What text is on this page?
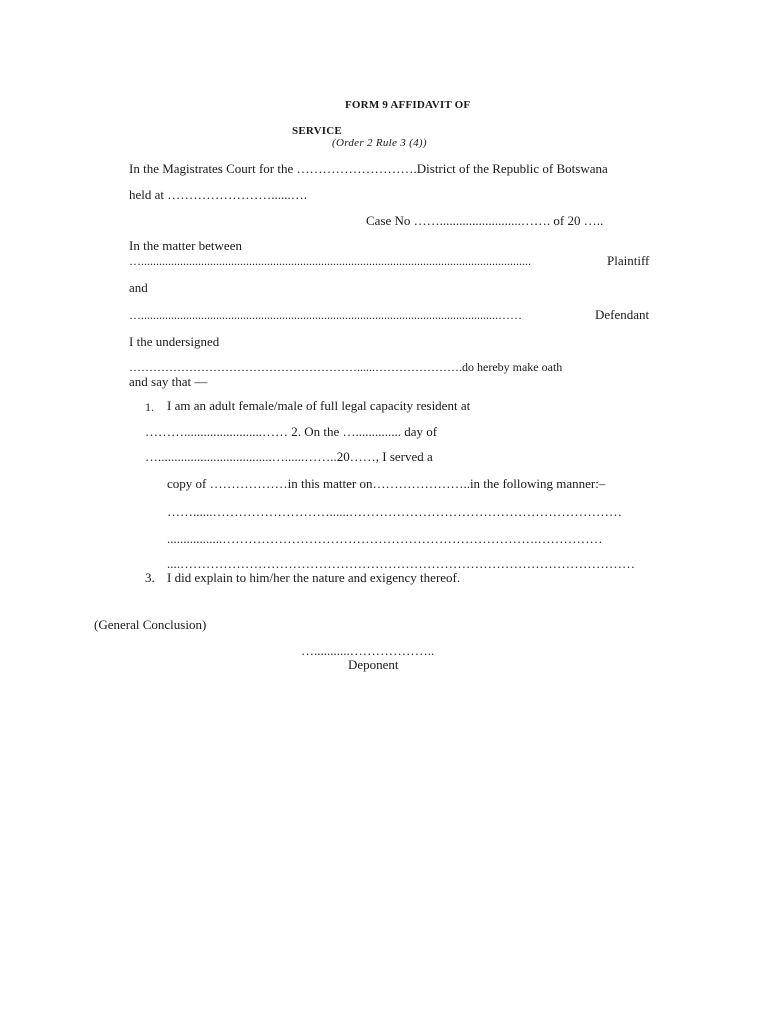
FORM 9 AFFIDAVIT OF
SERVICE
(Order 2 Rule 3 (4))
In the Magistrates Court for the ……………………….District of the Republic of Botswana
held at ……………………......….
Case No …….........................……. of 20 …..
In the matter between
…..................................................................................................................................	Plaintiff
and
….......................................................................................................................……	Defendant
I the undersigned
…………………………………………………......………………….do hereby make oath
and say that —
1. I am an adult female/male of full legal capacity resident at
………........................…… 2. On the ….............. day of
…...................................…......……..20……, I served a
copy of ………………in this matter on…………………..in the following manner:–
……......………………………......………………………………………………………
.................……………………………………………………………….……………
....……………………………………………………………………………………………
3. I did explain to him/her the nature and exigency thereof.
(General Conclusion)
…...........………………..
Deponent
